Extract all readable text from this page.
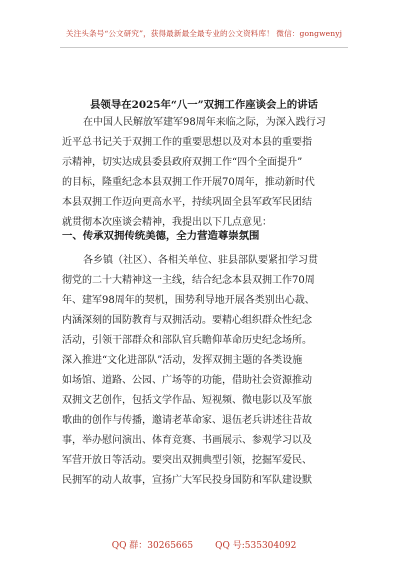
关注头条号“公文研究”，获得最新最全最专业的公文资料库！ 微信：gongwenyj
县领导在2025年“八一”双拥工作座谈会上的讲话
在中国人民解放军建军98周年来临之际，为深入践行习
近平总书记关于双拥工作的重要思想以及对本县的重要指
示精神，切实达成县委县政府双拥工作“四个全面提升”
的目标，隆重纪念本县双拥工作开展70周年，推动新时代
本县双拥工作迈向更高水平，持续巩固全县军政军民团结
就贯彻本次座谈会精神，我提出以下几点意见：
一、传承双拥传统美德，全力营造尊崇氛围
各乡镇（社区）、各相关单位、驻县部队要紧扣学习贯
彻党的二十大精神这一主线，结合纪念本县双拥工作70周
年、建军98周年的契机，围势利导地开展各类别出心裁、
内涵深刻的国防教育与双拥活动。要精心组织群众性纪念
活动，引领干部群众和部队官兵瞻仰革命历史纪念场所。
深入推进“文化进部队”活动，发挥双拥主题的各类设施
如场馆、道路、公园、广场等的功能，借助社会资源推动
双拥文艺创作，包括文学作品、短视频、微电影以及军旅
歌曲的创作与传播，邀请老革命家、退伍老兵讲述往昔故
事，举办慰问演出、体育竞赛、书画展示、参观学习以及
军营开放日等活动。要突出双拥典型引领，挖掘军爱民、
民拥军的动人故事，宣扬广大军民投身国防和军队建设默
QQ 群：30265665 QQ 号:535304092
